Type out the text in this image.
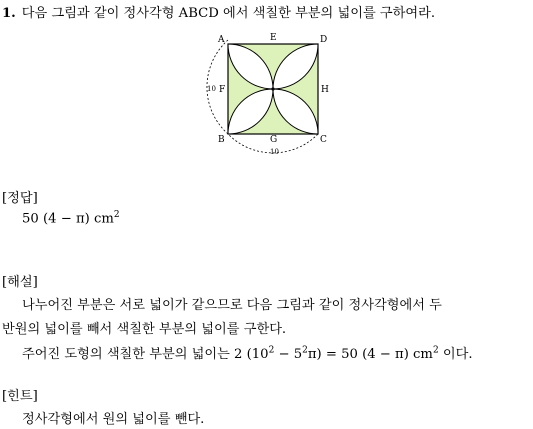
1. 다음 그림과 같이 정사각형 ABCD 에서 색칠한 부분의 넓이를 구하여라.
A	D
B	C
E
F	H
G
10
10
[정답]
50 (4 − π) $cm^2$
[해설]
나누어진 부분은 서로 넓이가 같으므로 다음 그림과 같이 정사각형에서 두
반원의 넓이를 빼서 색칠한 부분의 넓이를 구한다.
주어진 도형의 색칠한 부분의 넓이는 2 $(10^2 - 5^2\pi) = 50$ (4 − π) $cm^2$ 이다.
[힌트]
정사각형에서 원의 넓이를 뺀다.
